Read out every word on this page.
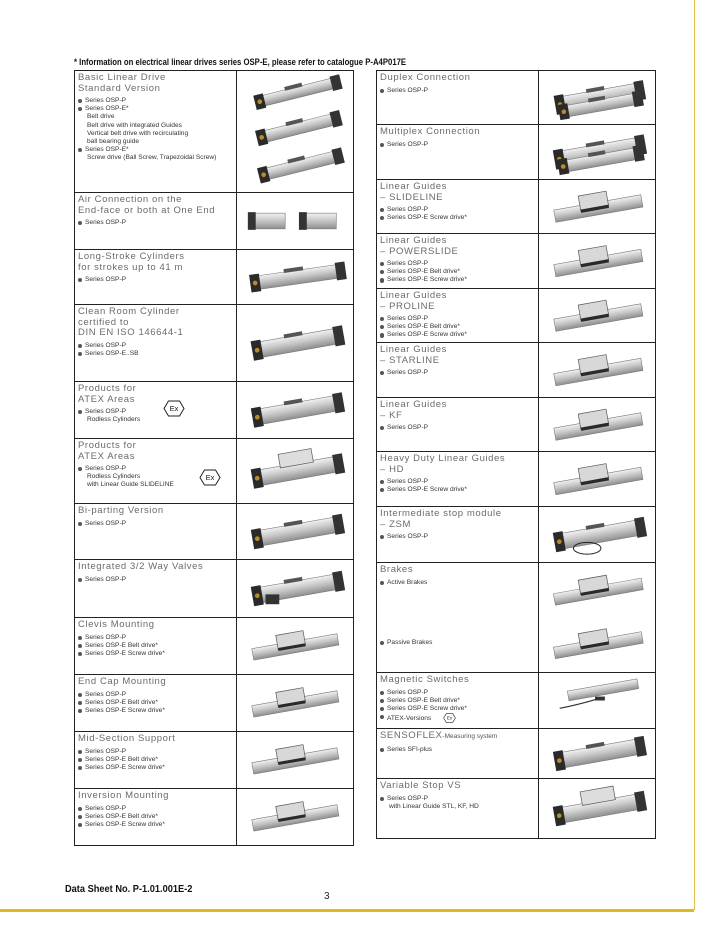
* Information on electrical linear drives series OSP-E, please refer to catalogue P-A4P017E
Basic Linear Drive
Standard Version
Series OSP-P
Series OSP-E*
Belt drive
Belt drive with integrated Guides
Vertical belt drive with recirculating
ball bearing guide
Series OSP-E*
Screw drive (Ball Screw, Trapezoidal Screw)
Air Connection on the
End-face or both at One End
Series OSP-P
Long-Stroke Cylinders
for strokes up to 41 m
Series OSP-P
Clean Room Cylinder
certified to
DIN EN ISO 146644-1
Series OSP-P
Series OSP-E..SB
Products for
ATEX Areas
Series OSP-P
Rodless Cylinders
Ex
Products for
ATEX Areas
Series OSP-P
Rodless Cylinders
with Linear Guide SLIDELINE
Ex
Bi-parting Version
Series OSP-P
Integrated 3/2 Way Valves
Series OSP-P
Clevis Mounting
Series OSP-P
Series OSP-E Belt drive*
Series OSP-E Screw drive*
End Cap Mounting
Series OSP-P
Series OSP-E Belt drive*
Series OSP-E Screw drive*
Mid-Section Support
Series OSP-P
Series OSP-E Belt drive*
Series OSP-E Screw drive*
Inversion Mounting
Series OSP-P
Series OSP-E Belt drive*
Series OSP-E Screw drive*
Duplex Connection
Series OSP-P
Multiplex Connection
Series OSP-P
Linear Guides
– SLIDELINE
Series OSP-P
Series OSP-E Screw drive*
Linear Guides
– POWERSLIDE
Series OSP-P
Series OSP-E Belt drive*
Series OSP-E Screw drive*
Linear Guides
– PROLINE
Series OSP-P
Series OSP-E Belt drive*
Series OSP-E Screw drive*
Linear Guides
– STARLINE
Series OSP-P
Linear Guides
– KF
Series OSP-P
Heavy Duty Linear Guides
– HD
Series OSP-P
Series OSP-E Screw drive*
Intermediate stop module
– ZSM
Series OSP-P
Brakes
Active Brakes
Passive Brakes
Magnetic Switches
Series OSP-P
Series OSP-E Belt drive*
Series OSP-E Screw drive*
ATEX-Versions Ex
SENSOFLEX-Measuring system
Series SFI-plus
Variable Stop VS
Series OSP-P
with Linear Guide STL, KF, HD
Data Sheet No. P-1.01.001E-2
3
